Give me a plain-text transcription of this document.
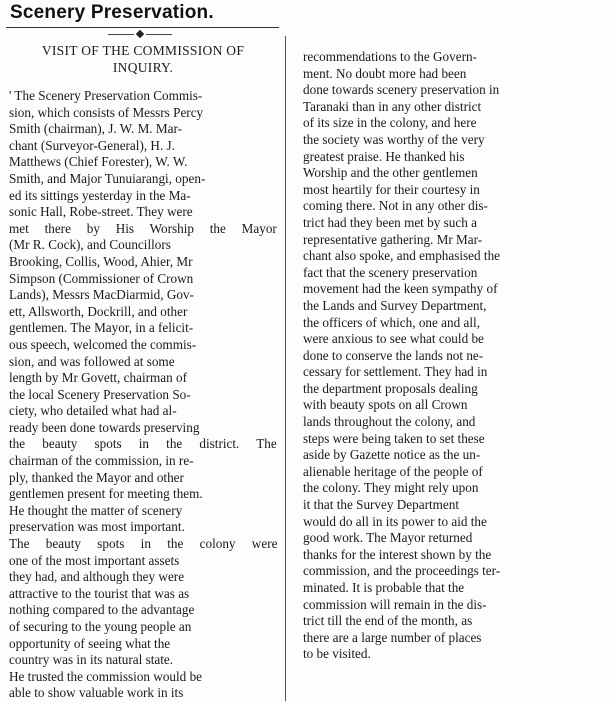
Scenery Preservation.
VISIT OF THE COMMISSION OF
INQUIRY.
' The Scenery Preservation Commis-
sion, which consists of Messrs Percy
Smith (chairman), J. W. M. Mar-
chant (Surveyor-General), H. J.
Matthews (Chief Forester), W. W.
Smith, and Major Tunuiarangi, open-
ed its sittings yesterday in the Ma-
sonic Hall, Robe-street. They were
met there by His Worship the Mayor
(Mr R. Cock), and Councillors
Brooking, Collis, Wood, Ahier, Mr
Simpson (Commissioner of Crown
Lands), Messrs MacDiarmid, Gov-
ett, Allsworth, Dockrill, and other
gentlemen. The Mayor, in a felicit-
ous speech, welcomed the commis-
sion, and was followed at some
length by Mr Govett, chairman of
the local Scenery Preservation So-
ciety, who detailed what had al-
ready been done towards preserving
the beauty spots in the district. The
chairman of the commission, in re-
ply, thanked the Mayor and other
gentlemen present for meeting them.
He thought the matter of scenery
preservation was most important.
The beauty spots in the colony were
one of the most important assets
they had, and although they were
attractive to the tourist that was as
nothing compared to the advantage
of securing to the young people an
opportunity of seeing what the
country was in its natural state.
He trusted the commission would be
able to show valuable work in its
recommendations to the Govern-
ment. No doubt more had been
done towards scenery preservation in
Taranaki than in any other district
of its size in the colony, and here
the society was worthy of the very
greatest praise. He thanked his
Worship and the other gentlemen
most heartily for their courtesy in
coming there. Not in any other dis-
trict had they been met by such a
representative gathering. Mr Mar-
chant also spoke, and emphasised the
fact that the scenery preservation
movement had the keen sympathy of
the Lands and Survey Department,
the officers of which, one and all,
were anxious to see what could be
done to conserve the lands not ne-
cessary for settlement. They had in
the department proposals dealing
with beauty spots on all Crown
lands throughout the colony, and
steps were being taken to set these
aside by Gazette notice as the un-
alienable heritage of the people of
the colony. They might rely upon
it that the Survey Department
would do all in its power to aid the
good work. The Mayor returned
thanks for the interest shown by the
commission, and the proceedings ter-
minated. It is probable that the
commission will remain in the dis-
trict till the end of the month, as
there are a large number of places
to be visited.
